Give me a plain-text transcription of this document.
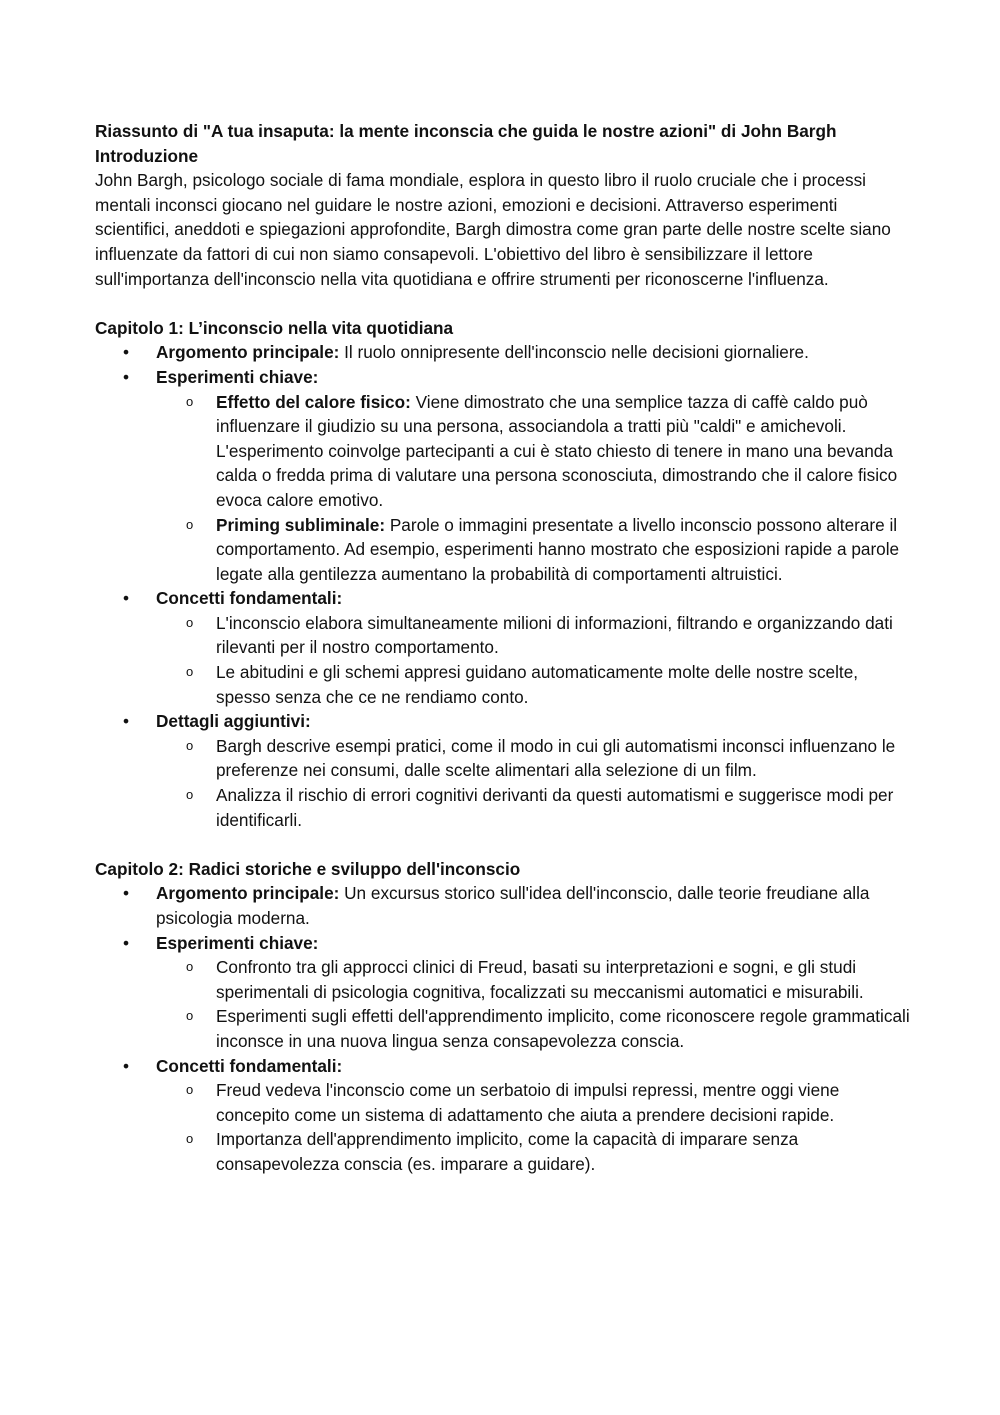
Riassunto di "A tua insaputa: la mente inconscia che guida le nostre azioni" di John Bargh

Introduzione

John Bargh, psicologo sociale di fama mondiale, esplora in questo libro il ruolo cruciale che i processi mentali inconsci giocano nel guidare le nostre azioni, emozioni e decisioni. Attraverso esperimenti scientifici, aneddoti e spiegazioni approfondite, Bargh dimostra come gran parte delle nostre scelte siano influenzate da fattori di cui non siamo consapevoli. L'obiettivo del libro è sensibilizzare il lettore sull'importanza dell'inconscio nella vita quotidiana e offrire strumenti per riconoscerne l'influenza.

Capitolo 1: L’inconscio nella vita quotidiana

• Argomento principale: Il ruolo onnipresente dell'inconscio nelle decisioni giornaliere.
• Esperimenti chiave:
o Effetto del calore fisico: Viene dimostrato che una semplice tazza di caffè caldo può influenzare il giudizio su una persona, associandola a tratti più "caldi" e amichevoli. L'esperimento coinvolge partecipanti a cui è stato chiesto di tenere in mano una bevanda calda o fredda prima di valutare una persona sconosciuta, dimostrando che il calore fisico evoca calore emotivo.
o Priming subliminale: Parole o immagini presentate a livello inconscio possono alterare il comportamento. Ad esempio, esperimenti hanno mostrato che esposizioni rapide a parole legate alla gentilezza aumentano la probabilità di comportamenti altruistici.
• Concetti fondamentali:
o L'inconscio elabora simultaneamente milioni di informazioni, filtrando e organizzando dati rilevanti per il nostro comportamento.
o Le abitudini e gli schemi appresi guidano automaticamente molte delle nostre scelte, spesso senza che ce ne rendiamo conto.
• Dettagli aggiuntivi:
o Bargh descrive esempi pratici, come il modo in cui gli automatismi inconsci influenzano le preferenze nei consumi, dalle scelte alimentari alla selezione di un film.
o Analizza il rischio di errori cognitivi derivanti da questi automatismi e suggerisce modi per identificarli.

Capitolo 2: Radici storiche e sviluppo dell'inconscio

• Argomento principale: Un excursus storico sull'idea dell'inconscio, dalle teorie freudiane alla psicologia moderna.
• Esperimenti chiave:
o Confronto tra gli approcci clinici di Freud, basati su interpretazioni e sogni, e gli studi sperimentali di psicologia cognitiva, focalizzati su meccanismi automatici e misurabili.
o Esperimenti sugli effetti dell'apprendimento implicito, come riconoscere regole grammaticali inconsce in una nuova lingua senza consapevolezza conscia.
• Concetti fondamentali:
o Freud vedeva l'inconscio come un serbatoio di impulsi repressi, mentre oggi viene concepito come un sistema di adattamento che aiuta a prendere decisioni rapide.
o Importanza dell'apprendimento implicito, come la capacità di imparare senza consapevolezza conscia (es. imparare a guidare).
